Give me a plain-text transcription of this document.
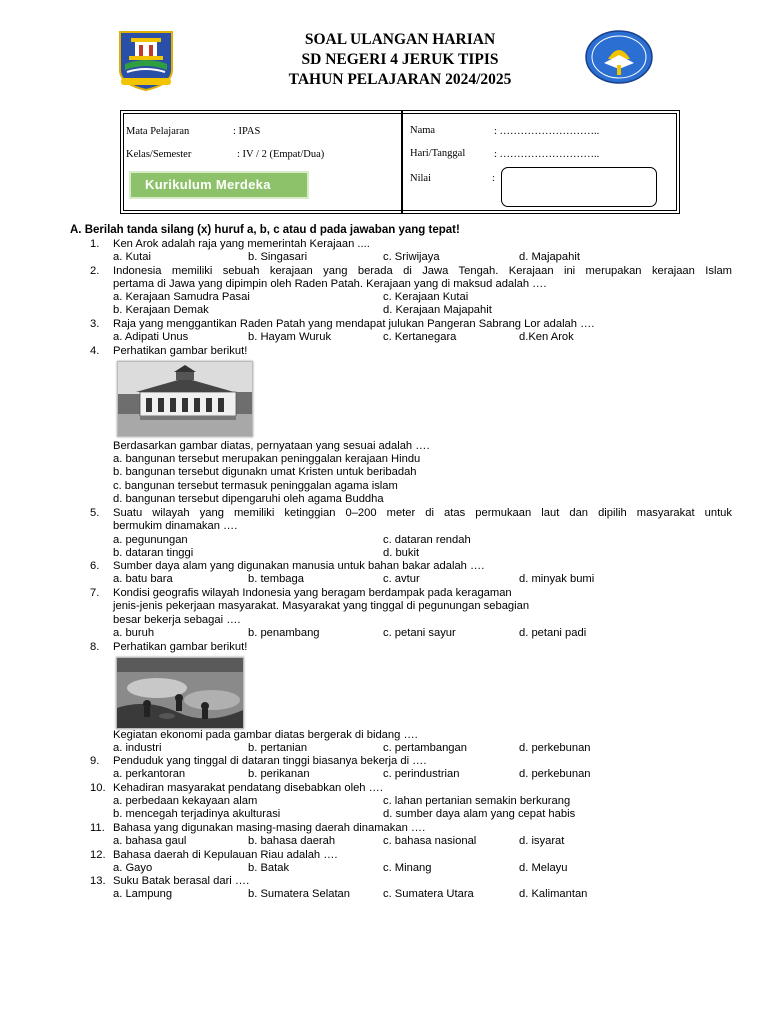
SOAL ULANGAN HARIAN
SD NEGERI 4 JERUK TIPIS
TAHUN PELAJARAN 2024/2025
Mata Pelajaran	: IPAS
Kelas/Semester	: IV / 2 (Empat/Dua)
Kurikulum Merdeka
Nama	: ………………………..
Hari/Tanggal	: ………………………..
Nilai	:
A. Berilah tanda silang (x) huruf a, b, c atau d pada jawaban yang tepat!
1. Ken Arok adalah raja yang memerintah Kerajaan ....
a. Kutai	b. Singasari	c. Sriwijaya	d. Majapahit
2. Indonesia memiliki sebuah kerajaan yang berada di Jawa Tengah. Kerajaan ini merupakan kerajaan Islam
pertama di Jawa yang dipimpin oleh Raden Patah. Kerajaan yang di maksud adalah ….
a. Kerajaan Samudra Pasai	c. Kerajaan Kutai
b. Kerajaan Demak	d. Kerajaan Majapahit
3. Raja yang menggantikan Raden Patah yang mendapat julukan Pangeran Sabrang Lor adalah ….
a. Adipati Unus	b. Hayam Wuruk	c. Kertanegara	d.Ken Arok
4. Perhatikan gambar berikut!
Berdasarkan gambar diatas, pernyataan yang sesuai adalah ….
a. bangunan tersebut merupakan peninggalan kerajaan Hindu
b. bangunan tersebut digunakn umat Kristen untuk beribadah
c. bangunan tersebut termasuk peninggalan agama islam
d. bangunan tersebut dipengaruhi oleh agama Buddha
5. Suatu wilayah yang memiliki ketinggian 0–200 meter di atas permukaan laut dan dipilih masyarakat untuk
bermukim dinamakan ….
a. pegunungan	c. dataran rendah
b. dataran tinggi	d. bukit
6. Sumber daya alam yang digunakan manusia untuk bahan bakar adalah ….
a. batu bara	b. tembaga	c. avtur	d. minyak bumi
7. Kondisi geografis wilayah Indonesia yang beragam berdampak pada keragaman
jenis-jenis pekerjaan masyarakat. Masyarakat yang tinggal di pegunungan sebagian
besar bekerja sebagai ….
a. buruh	b. penambang	c. petani sayur	d. petani padi
8. Perhatikan gambar berikut!
Kegiatan ekonomi pada gambar diatas bergerak di bidang ….
a. industri	b. pertanian	c. pertambangan	d. perkebunan
9. Penduduk yang tinggal di dataran tinggi biasanya bekerja di ….
a. perkantoran	b. perikanan	c. perindustrian	d. perkebunan
10. Kehadiran masyarakat pendatang disebabkan oleh ….
a. perbedaan kekayaan alam	c. lahan pertanian semakin berkurang
b. mencegah terjadinya akulturasi	d. sumber daya alam yang cepat habis
11. Bahasa yang digunakan masing-masing daerah dinamakan ….
a. bahasa gaul	b. bahasa daerah	c. bahasa nasional	d. isyarat
12. Bahasa daerah di Kepulauan Riau adalah ….
a. Gayo	b. Batak	c. Minang	d. Melayu
13. Suku Batak berasal dari ….
a. Lampung	b. Sumatera Selatan	c. Sumatera Utara	d. Kalimantan
